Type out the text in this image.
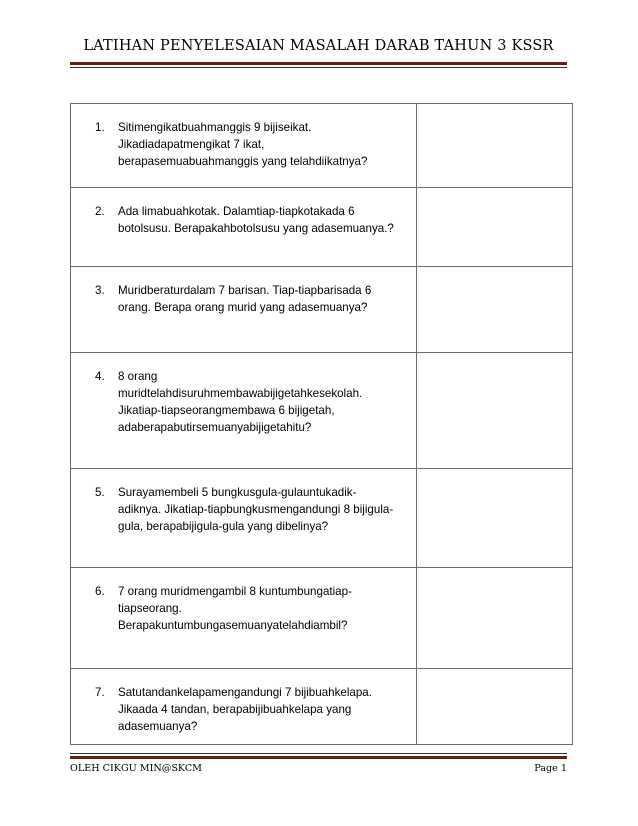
LATIHAN PENYELESAIAN MASALAH DARAB TAHUN 3 KSSR
1. Sitimengikatbuahmanggis 9 bijiseikat.
Jikadiadapatmengikat 7 ikat,
berapasemuabuahmanggis yang telahdiikatnya?	

2. Ada limabuahkotak. Dalamtiap-tiapkotakada 6
botolsusu. Berapakahbotolsusu yang adasemuanya.?	

3. Muridberaturdalam 7 barisan. Tiap-tiapbarisada 6
orang. Berapa orang murid yang adasemuanya?	

4. 8 orang
muridtelahdisuruhmembawabijigetahkesekolah.
Jikatiap-tiapseorangmembawa 6 bijigetah,
adaberapabutirsemuanyabijigetahitu?	

5. Surayamembeli 5 bungkusgula-gulauntukadik-
adiknya. Jikatiap-tiapbungkusmengandungi 8 bijigula-
gula, berapabijigula-gula yang dibelinya?	

6. 7 orang muridmengambil 8 kuntumbungatiap-
tiapseorang.
Berapakuntumbungasemuanyatelahdiambil?	

7. Satutandankelapamengandungi 7 bijibuahkelapa.
Jikaada 4 tandan, berapabijibuahkelapa yang
adasemuanya?	

OLEH CIKGU MIN@SKCM	Page 1
